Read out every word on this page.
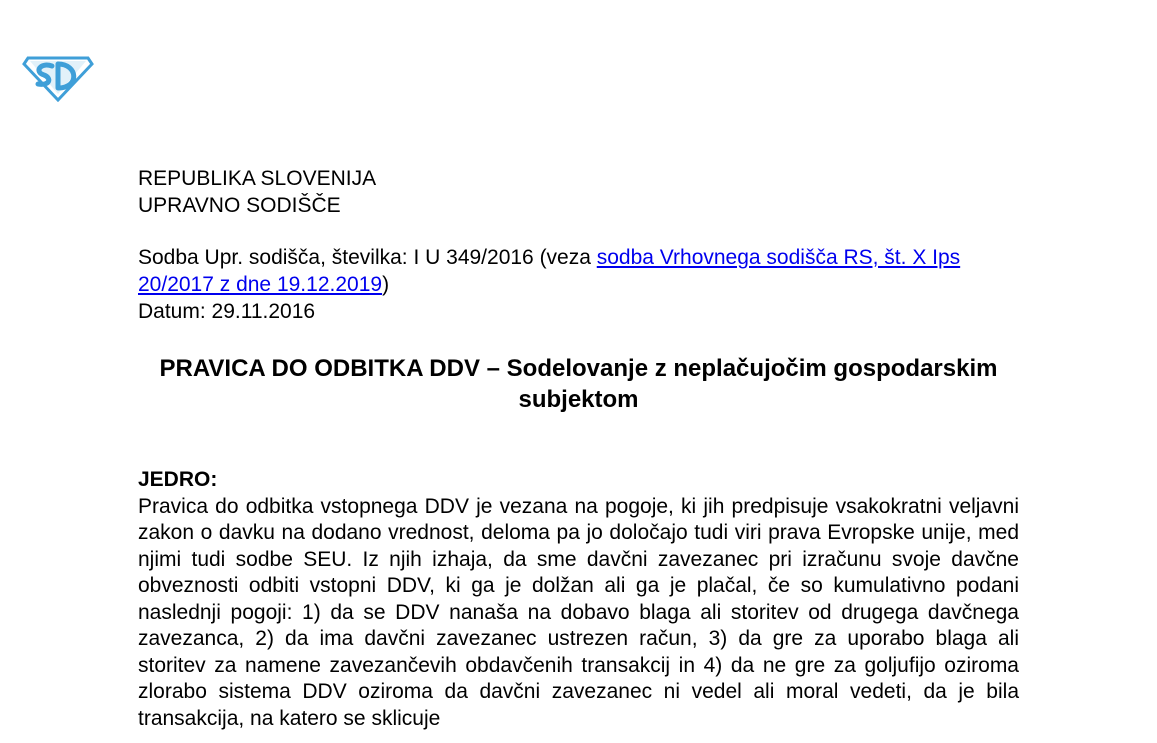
REPUBLIKA SLOVENIJA
UPRAVNO SODIŠČE
Sodba Upr. sodišča, številka: I U 349/2016 (veza sodba Vrhovnega sodišča RS, št. X Ips 20/2017 z dne 19.12.2019)
Datum: 29.11.2016
PRAVICA DO ODBITKA DDV – Sodelovanje z neplačujočim gospodarskim subjektom
JEDRO:
Pravica do odbitka vstopnega DDV je vezana na pogoje, ki jih predpisuje vsakokratni veljavni zakon o davku na dodano vrednost, deloma pa jo določajo tudi viri prava Evropske unije, med njimi tudi sodbe SEU. Iz njih izhaja, da sme davčni zavezanec pri izračunu svoje davčne obveznosti odbiti vstopni DDV, ki ga je dolžan ali ga je plačal, če so kumulativno podani naslednji pogoji: 1) da se DDV nanaša na dobavo blaga ali storitev od drugega davčnega zavezanca, 2) da ima davčni zavezanec ustrezen račun, 3) da gre za uporabo blaga ali storitev za namene zavezančevih obdavčenih transakcij in 4) da ne gre za goljufijo oziroma zlorabo sistema DDV oziroma da davčni zavezanec ni vedel ali moral vedeti, da je bila transakcija, na katero se sklicuje
